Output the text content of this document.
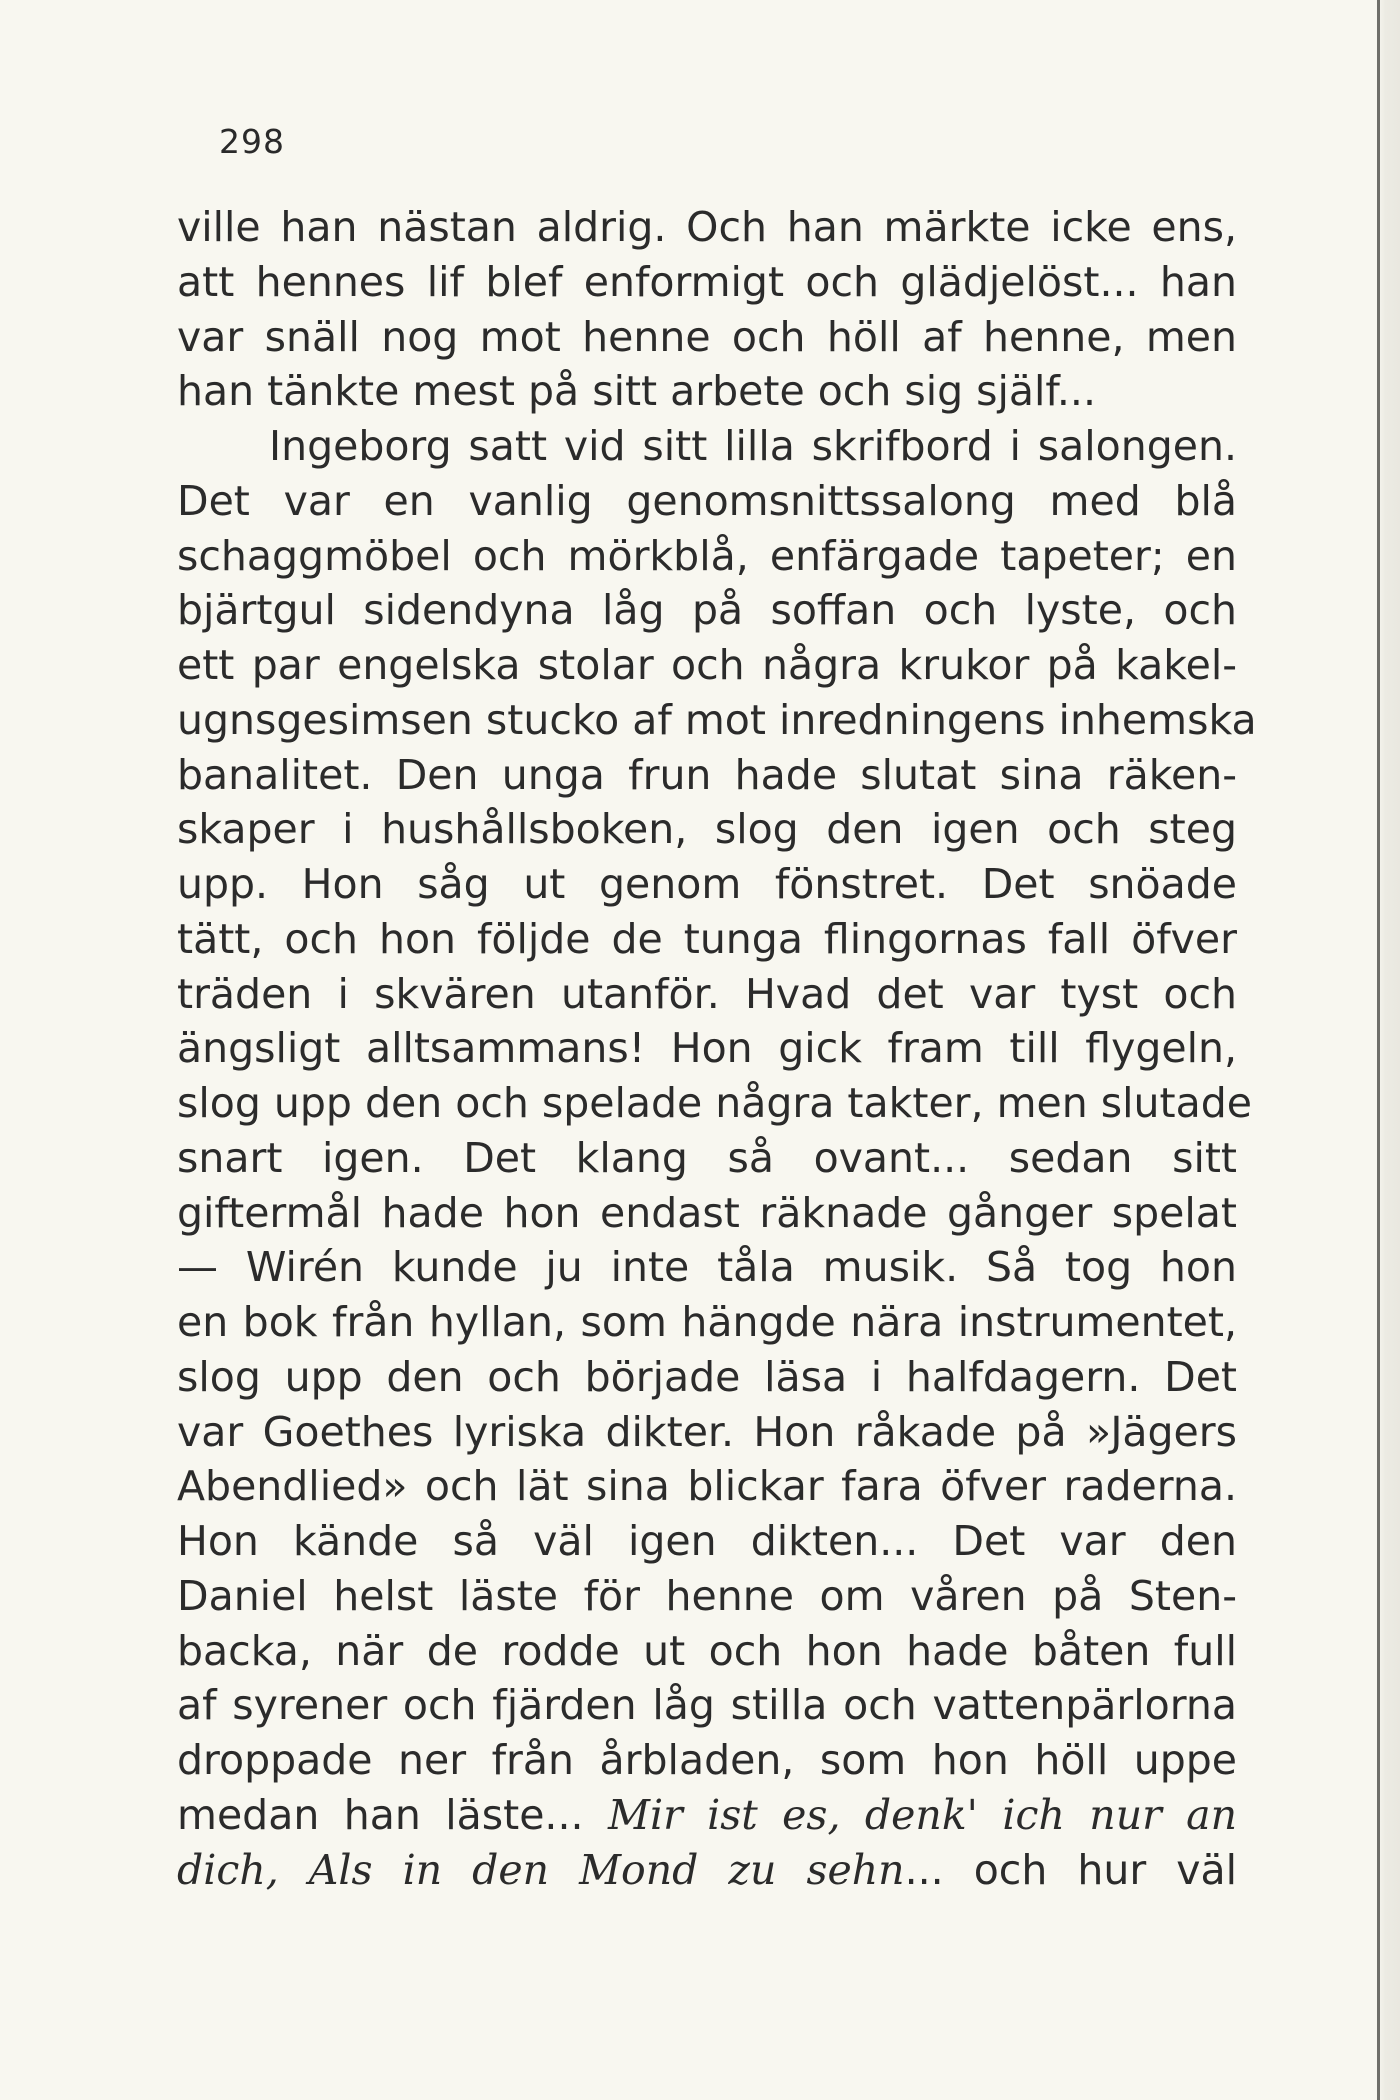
298
ville han nästan aldrig. Och han märkte icke ens,
att hennes lif blef enformigt och glädjelöst... han
var snäll nog mot henne och höll af henne, men
han tänkte mest på sitt arbete och sig själf...
Ingeborg satt vid sitt lilla skrifbord i salongen.
Det var en vanlig genomsnittssalong med blå
schaggmöbel och mörkblå, enfärgade tapeter; en
bjärtgul sidendyna låg på soffan och lyste, och
ett par engelska stolar och några krukor på kakel-
ugnsgesimsen stucko af mot inredningens inhemska
banalitet. Den unga frun hade slutat sina räken-
skaper i hushållsboken, slog den igen och steg
upp. Hon såg ut genom fönstret. Det snöade
tätt, och hon följde de tunga flingornas fall öfver
träden i skvären utanför. Hvad det var tyst och
ängsligt alltsammans! Hon gick fram till flygeln,
slog upp den och spelade några takter, men slutade
snart igen. Det klang så ovant... sedan sitt
giftermål hade hon endast räknade gånger spelat
— Wirén kunde ju inte tåla musik. Så tog hon
en bok från hyllan, som hängde nära instrumentet,
slog upp den och började läsa i halfdagern. Det
var Goethes lyriska dikter. Hon råkade på »Jägers
Abendlied» och lät sina blickar fara öfver raderna.
Hon kände så väl igen dikten... Det var den
Daniel helst läste för henne om våren på Sten-
backa, när de rodde ut och hon hade båten full
af syrener och fjärden låg stilla och vattenpärlorna
droppade ner från årbladen, som hon höll uppe
medan han läste... Mir ist es, denk' ich nur an
dich, Als in den Mond zu sehn... och hur väl
